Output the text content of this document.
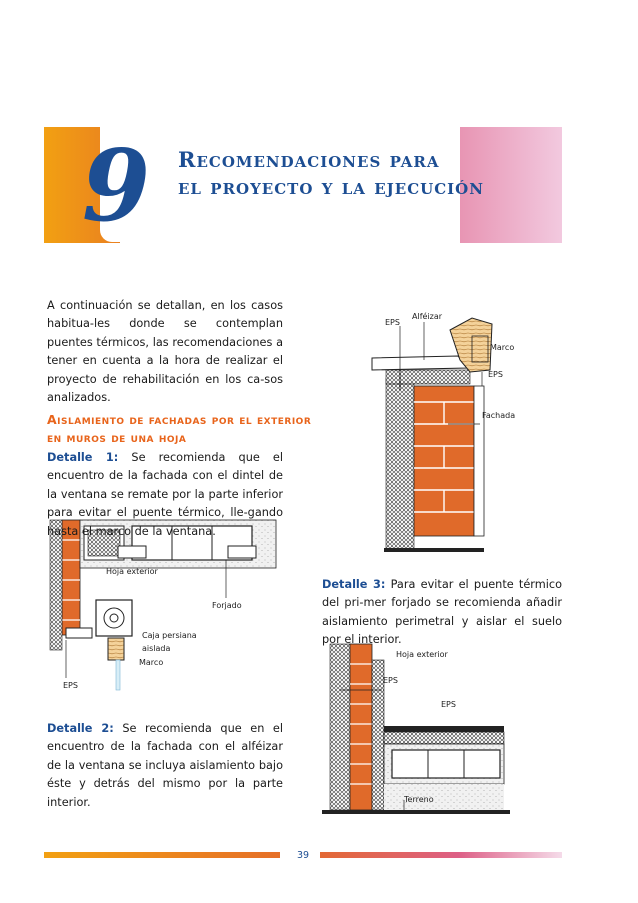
9 Recomendaciones para
el proyecto y la ejecución
A continuación se detallan, en los casos habitua-les donde se contemplan puentes térmicos, las recomendaciones a tener en cuenta a la hora de realizar el proyecto de rehabilitación en los ca-sos analizados.
Aislamiento de fachadas por el exterior
en muros de una hoja
Detalle 1: Se recomienda que el encuentro de la fachada con el dintel de la ventana se remate por la parte inferior para evitar el puente térmico, lle-gando hasta el marco de la ventana.
Detalle 2: Se recomienda que en el encuentro de la fachada con el alféizar de la ventana se incluya aislamiento bajo éste y detrás del mismo por la parte interior.
Detalle 3: Para evitar el puente térmico del pri-mer forjado se recomienda añadir aislamiento perimetral y aislar el suelo por el interior.
Hoja exterior
Forjado
Caja persiana
aislada
Marco
EPS
EPS
Alféizar
Marco
EPS
Fachada
Hoja exterior
EPS
EPS
Terreno
39
